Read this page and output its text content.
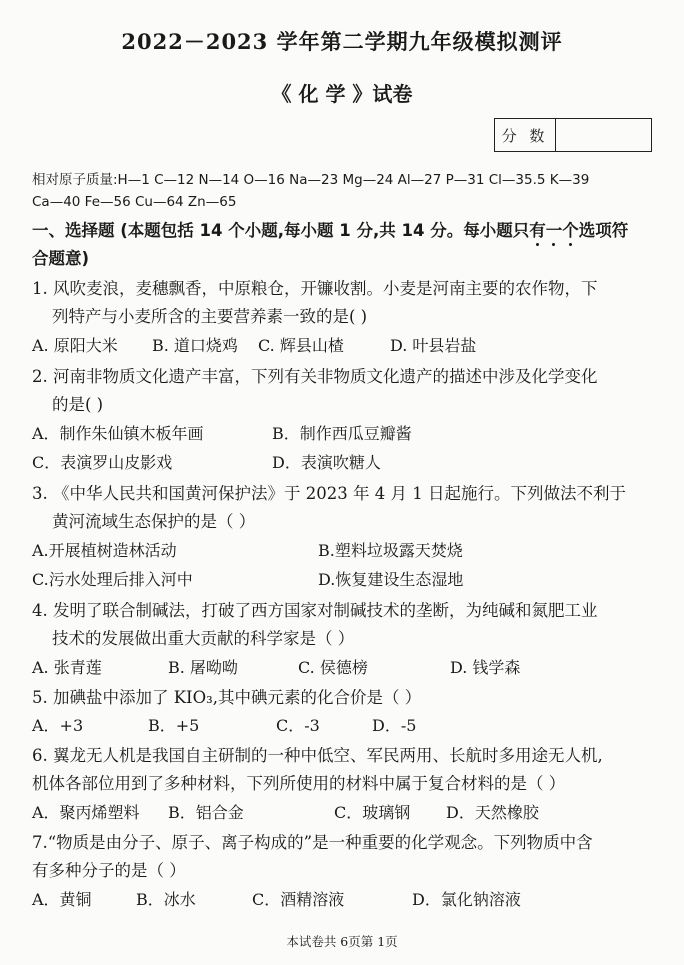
2022－2023 学年第二学期九年级模拟测评
《 化 学 》试卷
分 数
相对原子质量:H—1 C—12 N—14 O—16 Na—23 Mg—24 Al—27 P—31 Cl—35.5 K—39
Ca—40 Fe—56 Cu—64 Zn—65
一、选择题 (本题包括 14 个小题,每小题 1 分,共 14 分。每小题只有一个选项符
合题意)
1. 风吹麦浪，麦穗飘香，中原粮仓，开镰收割。小麦是河南主要的农作物，下
列特产与小麦所含的主要营养素一致的是( )
A. 原阳大米 B. 道口烧鸡 C. 辉县山楂	D. 叶县岩盐
2. 河南非物质文化遗产丰富，下列有关非物质文化遗产的描述中涉及化学变化
的是( )
A．制作朱仙镇木板年画	B．制作西瓜豆瓣酱
C．表演罗山皮影戏	D．表演吹糖人
3. 《中华人民共和国黄河保护法》于 2023 年 4 月 1 日起施行。下列做法不利于
黄河流域生态保护的是（ ）
A.开展植树造林活动	B.塑料垃圾露天焚烧
C.污水处理后排入河中	D.恢复建设生态湿地
4. 发明了联合制碱法，打破了西方国家对制碱技术的垄断，为纯碱和氮肥工业
技术的发展做出重大贡献的科学家是（ ）
A. 张青莲	B. 屠呦呦	C. 侯德榜	D. 钱学森
5. 加碘盐中添加了 KIO₃,其中碘元素的化合价是（ ）
A．+3	B．+5	C．-3	D．-5
6. 翼龙无人机是我国自主研制的一种中低空、军民两用、长航时多用途无人机,
机体各部位用到了多种材料，下列所使用的材料中属于复合材料的是（ ）
A．聚丙烯塑料 B．铝合金	C．玻璃钢 D．天然橡胶
7.“物质是由分子、原子、离子构成的”是一种重要的化学观念。下列物质中含
有多种分子的是（ ）
A．黄铜	B．冰水	C．酒精溶液	D．氯化钠溶液
本试卷共 6页第 1页
